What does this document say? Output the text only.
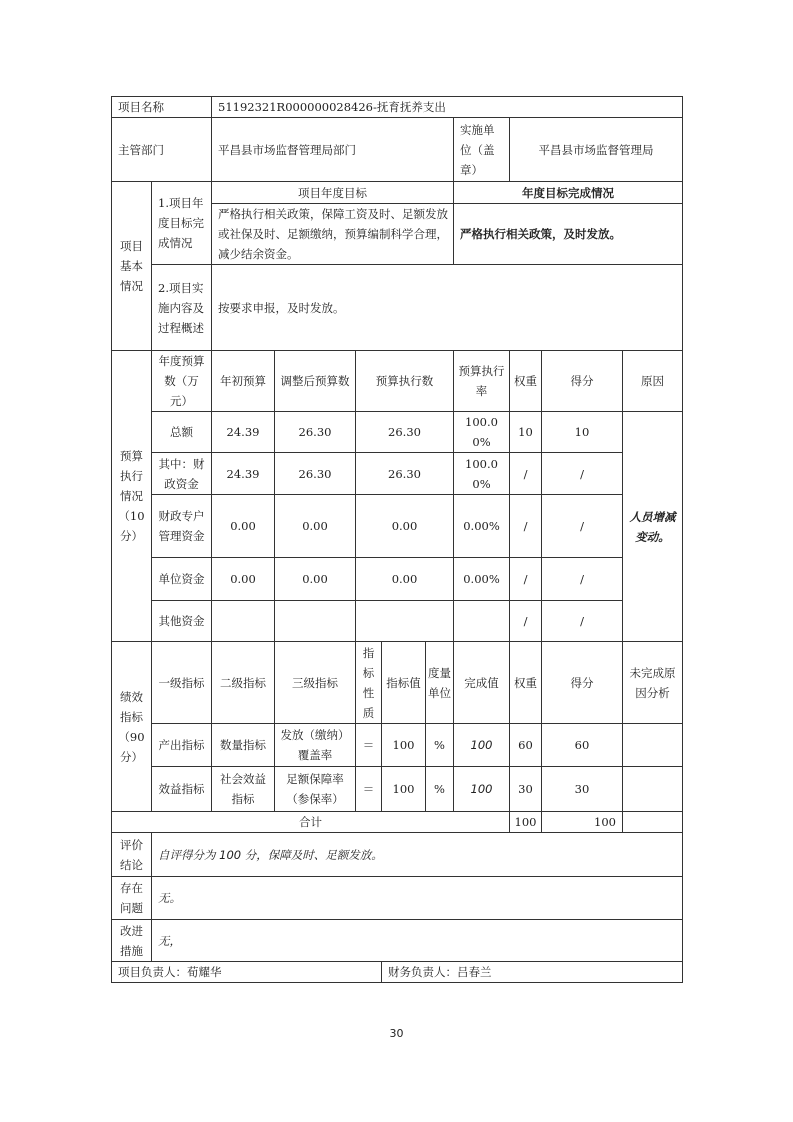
项目名称		51192321R000000028426-抚育抚养支出								
主管部门		平昌县市场监督管理局部门					实施单位（盖章）	平昌县市场监督管理局		
项目基本情况	1.项目年度目标完成情况	项目年度目标					年度目标完成情况			
		严格执行相关政策，保障工资及时、足额发放或社保及时、足额缴纳，预算编制科学合理，减少结余资金。					严格执行相关政策，及时发放。			
	2.项目实施内容及过程概述	按要求申报，及时发放。								
预算执行情况（10分）	年度预算数（万元）	年初预算	调整后预算数	预算执行数			预算执行率	权重	得分	原因
	总额	24.39	26.30	26.30			100.00%	10	10	人员增减变动。
	其中：财政资金	24.39	26.30	26.30			100.00%	/	/	
	财政专户管理资金	0.00	0.00	0.00			0.00%	/	/	
	单位资金	0.00	0.00	0.00			0.00%	/	/	
	其他资金							/	/	
绩效指标（90分）	一级指标	二级指标	三级指标	指标性质	指标值	度量单位	完成值	权重	得分	未完成原因分析
	产出指标	数量指标	发放（缴纳）覆盖率	＝	100	%	100	60	60	
	效益指标	社会效益指标	足额保障率（参保率）	＝	100	%	100	30	30	
合计								100	100	
评价结论	自评得分为 100 分，保障及时、足额发放。									
存在问题	无。									
改进措施	无，									
项目负责人：荀耀华					财务负责人：吕春兰					
30
